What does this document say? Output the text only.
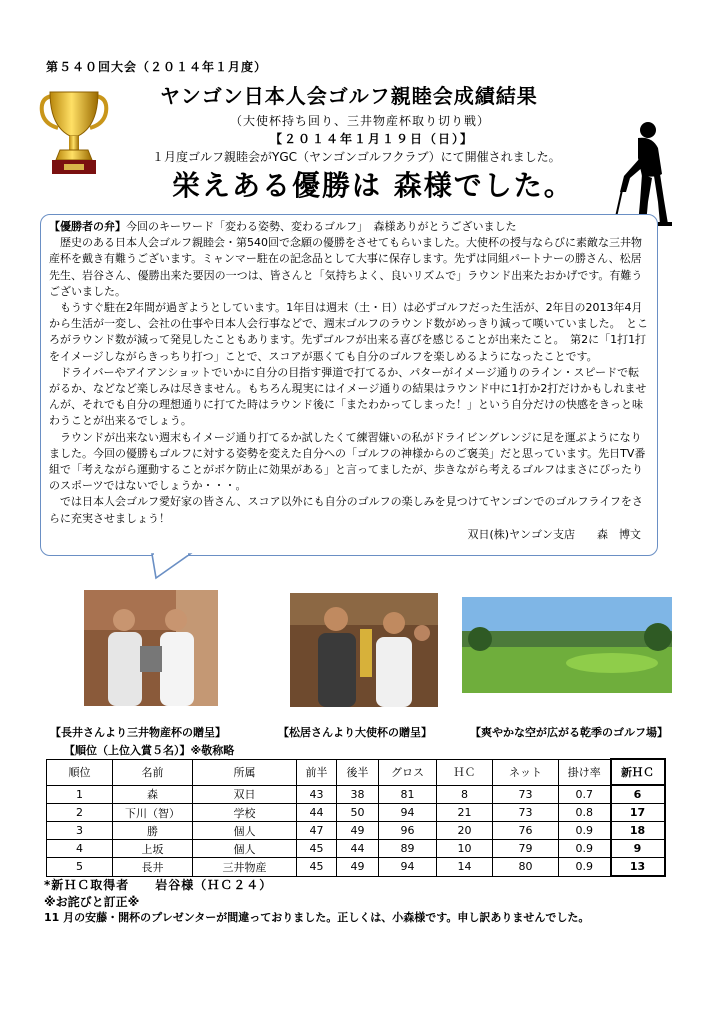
第５４０回大会（２０１４年１月度）
ヤンゴン日本人会ゴルフ親睦会成績結果
（大使杯持ち回り、三井物産杯取り切り戦）
【２０１４年１月１９日（日）】
１月度ゴルフ親睦会がYGC（ヤンゴンゴルフクラブ）にて開催されました。
栄えある優勝は 森様でした。

【優勝者の弁】今回のキーワード「変わる姿勢、変わるゴルフ」　森様ありがとうございました

　歴史のある日本人会ゴルフ親睦会・第540回で念願の優勝をさせてもらいました。大使杯の授与ならびに素敵な三井物産杯を戴き有難うございます。ミャンマー駐在の記念品として大事に保存します。先ずは同組パートナーの勝さん、松居先生、岩谷さん、優勝出来た要因の一つは、皆さんと「気持ちよく、良いリズムで」ラウンド出来たおかげです。有難うございました。

　もうすぐ駐在2年間が過ぎようとしています。1年目は週末（土・日）は必ずゴルフだった生活が、2年目の2013年4月から生活が一変し、会社の仕事や日本人会行事などで、週末ゴルフのラウンド数がめっきり減って嘆いていました。　ところがラウンド数が減って発見したこともあります。先ずゴルフが出来る喜びを感じることが出来たこと。　第2に「1打1打をイメージしながらきっちり打つ」ことで、スコアが悪くても自分のゴルフを楽しめるようになったことです。

　ドライバーやアイアンショットでいかに自分の目指す弾道で打てるか、パターがイメージ通りのライン・スピードで転がるか、などなど楽しみは尽きません。もちろん現実にはイメージ通りの結果はラウンド中に1打か2打だけかもしれませんが、それでも自分の理想通りに打てた時はラウンド後に「またわかってしまった！」という自分だけの快感をきっと味わうことが出来るでしょう。

　ラウンドが出来ない週末もイメージ通り打てるか試したくて練習嫌いの私がドライビングレンジに足を運ぶようになりました。今回の優勝もゴルフに対する姿勢を変えた自分への「ゴルフの神様からのご褒美」だと思っています。先日TV番組で「考えながら運動することがボケ防止に効果がある」と言ってましたが、歩きながら考えるゴルフはまさにぴったりのスポーツではないでしょうか・・・。

　では日本人会ゴルフ愛好家の皆さん、スコア以外にも自分のゴルフの楽しみを見つけてヤンゴンでのゴルフライフをさらに充実させましょう！

双日(株)ヤンゴン支店　　森　博文

【長井さんより三井物産杯の贈呈】	【松居さんより大使杯の贈呈】	【爽やかな空が広がる乾季のゴルフ場】
【順位（上位入賞５名）】※敬称略
順位	名前	所属	前半	後半	グロス	ＨＣ	ネット	掛け率	新ＨＣ
1	森	双日	43	38	81	8	73	0.7	6
2	下川（智）	学校	44	50	94	21	73	0.8	17
3	勝	個人	47	49	96	20	76	0.9	18
4	上坂	個人	45	44	89	10	79	0.9	9
5	長井	三井物産	45	49	94	14	80	0.9	13
*新ＨＣ取得者　　岩谷様（ＨＣ２４）
※お詫びと訂正※
11 月の安藤・開杯のプレゼンターが間違っておりました。正しくは、小森様です。申し訳ありませんでした。
